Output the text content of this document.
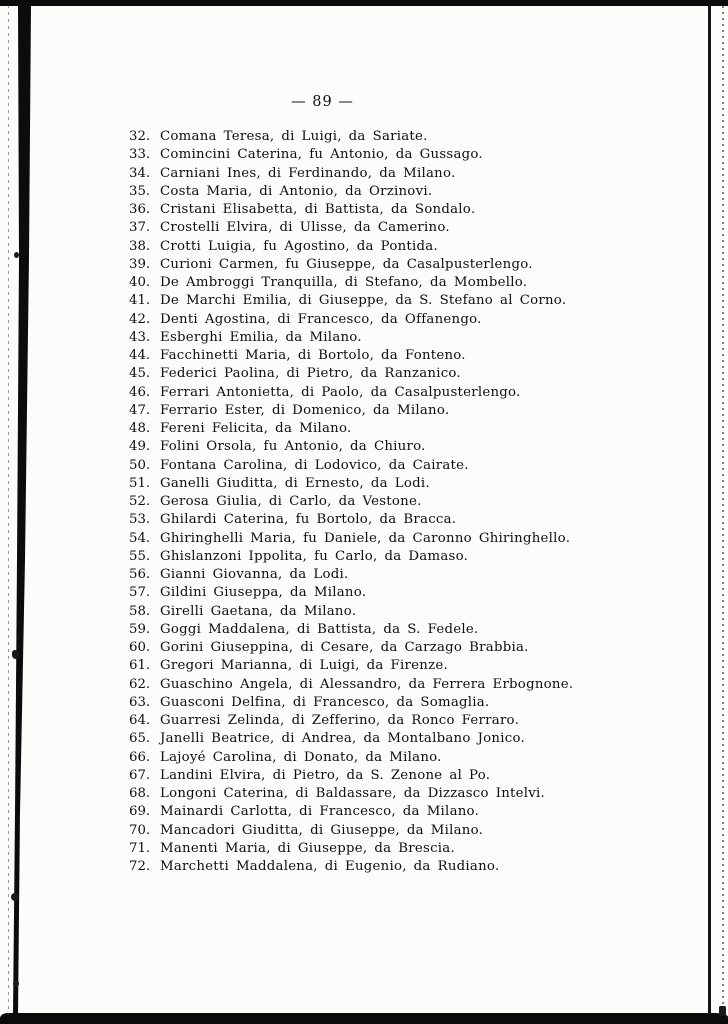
— 89 —
32. Comana Teresa, di Luigi, da Sariate.
33. Comincini Caterina, fu Antonio, da Gussago.
34. Carniani Ines, di Ferdinando, da Milano.
35. Costa Maria, di Antonio, da Orzinovi.
36. Cristani Elisabetta, di Battista, da Sondalo.
37. Crostelli Elvira, di Ulisse, da Camerino.
38. Crotti Luigia, fu Agostino, da Pontida.
39. Curioni Carmen, fu Giuseppe, da Casalpusterlengo.
40. De Ambroggi Tranquilla, di Stefano, da Mombello.
41. De Marchi Emilia, di Giuseppe, da S. Stefano al Corno.
42. Denti Agostina, di Francesco, da Offanengo.
43. Esberghi Emilia, da Milano.
44. Facchinetti Maria, di Bortolo, da Fonteno.
45. Federici Paolina, di Pietro, da Ranzanico.
46. Ferrari Antonietta, di Paolo, da Casalpusterlengo.
47. Ferrario Ester, di Domenico, da Milano.
48. Fereni Felicita, da Milano.
49. Folini Orsola, fu Antonio, da Chiuro.
50. Fontana Carolina, di Lodovico, da Cairate.
51. Ganelli Giuditta, di Ernesto, da Lodi.
52. Gerosa Giulia, di Carlo, da Vestone.
53. Ghilardi Caterina, fu Bortolo, da Bracca.
54. Ghiringhelli Maria, fu Daniele, da Caronno Ghiringhello.
55. Ghislanzoni Ippolita, fu Carlo, da Damaso.
56. Gianni Giovanna, da Lodi.
57. Gildini Giuseppa, da Milano.
58. Girelli Gaetana, da Milano.
59. Goggi Maddalena, di Battista, da S. Fedele.
60. Gorini Giuseppina, di Cesare, da Carzago Brabbia.
61. Gregori Marianna, di Luigi, da Firenze.
62. Guaschino Angela, di Alessandro, da Ferrera Erbognone.
63. Guasconi Delfina, di Francesco, da Somaglia.
64. Guarresi Zelinda, di Zefferino, da Ronco Ferraro.
65. Janelli Beatrice, di Andrea, da Montalbano Jonico.
66. Lajoyé Carolina, di Donato, da Milano.
67. Landini Elvira, di Pietro, da S. Zenone al Po.
68. Longoni Caterina, di Baldassare, da Dizzasco Intelvi.
69. Mainardi Carlotta, di Francesco, da Milano.
70. Mancadori Giuditta, di Giuseppe, da Milano.
71. Manenti Maria, di Giuseppe, da Brescia.
72. Marchetti Maddalena, di Eugenio, da Rudiano.
